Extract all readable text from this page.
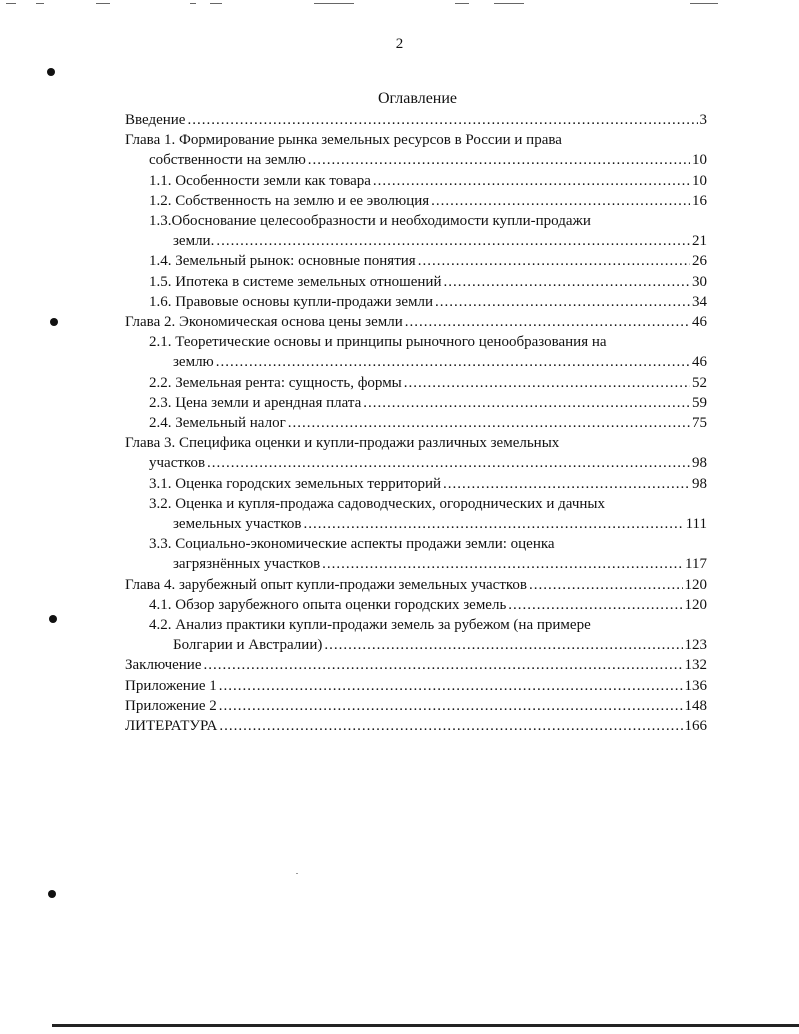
2
Оглавление
Введение .....	3
Глава 1. Формирование рынка земельных ресурсов в России и права
собственности на землю .....	10
1.1. Особенности земли как товара .....	10
1.2. Собственность на землю и ее эволюция .....	16
1.3.Обоснование целесообразности и необходимости купли-продажи
земли. .....	21
1.4. Земельный рынок: основные понятия .....	26
1.5. Ипотека в системе земельных отношений .....	30
1.6. Правовые основы купли-продажи земли .....	34
Глава 2. Экономическая основа цены земли .....	46
2.1. Теоретические основы и принципы рыночного ценообразования на
землю .....	46
2.2. Земельная рента: сущность, формы .....	52
2.3. Цена земли и арендная плата .....	59
2.4. Земельный налог .....	75
Глава 3. Специфика оценки и купли-продажи различных земельных
участков .....	98
3.1. Оценка городских земельных территорий .....	98
3.2. Оценка и купля-продажа садоводческих, огороднических и дачных
земельных участков .....	111
3.3. Социально-экономические аспекты продажи земли: оценка
загрязнённых участков .....	117
Глава 4. зарубежный опыт купли-продажи земельных участков .....	120
4.1. Обзор зарубежного опыта оценки городских земель .....	120
4.2. Анализ практики купли-продажи земель за рубежом (на примере
Болгарии и Австралии) .....	123
Заключение .....	132
Приложение 1 .....	136
Приложение 2 .....	148
ЛИТЕРАТУРА .....	166
